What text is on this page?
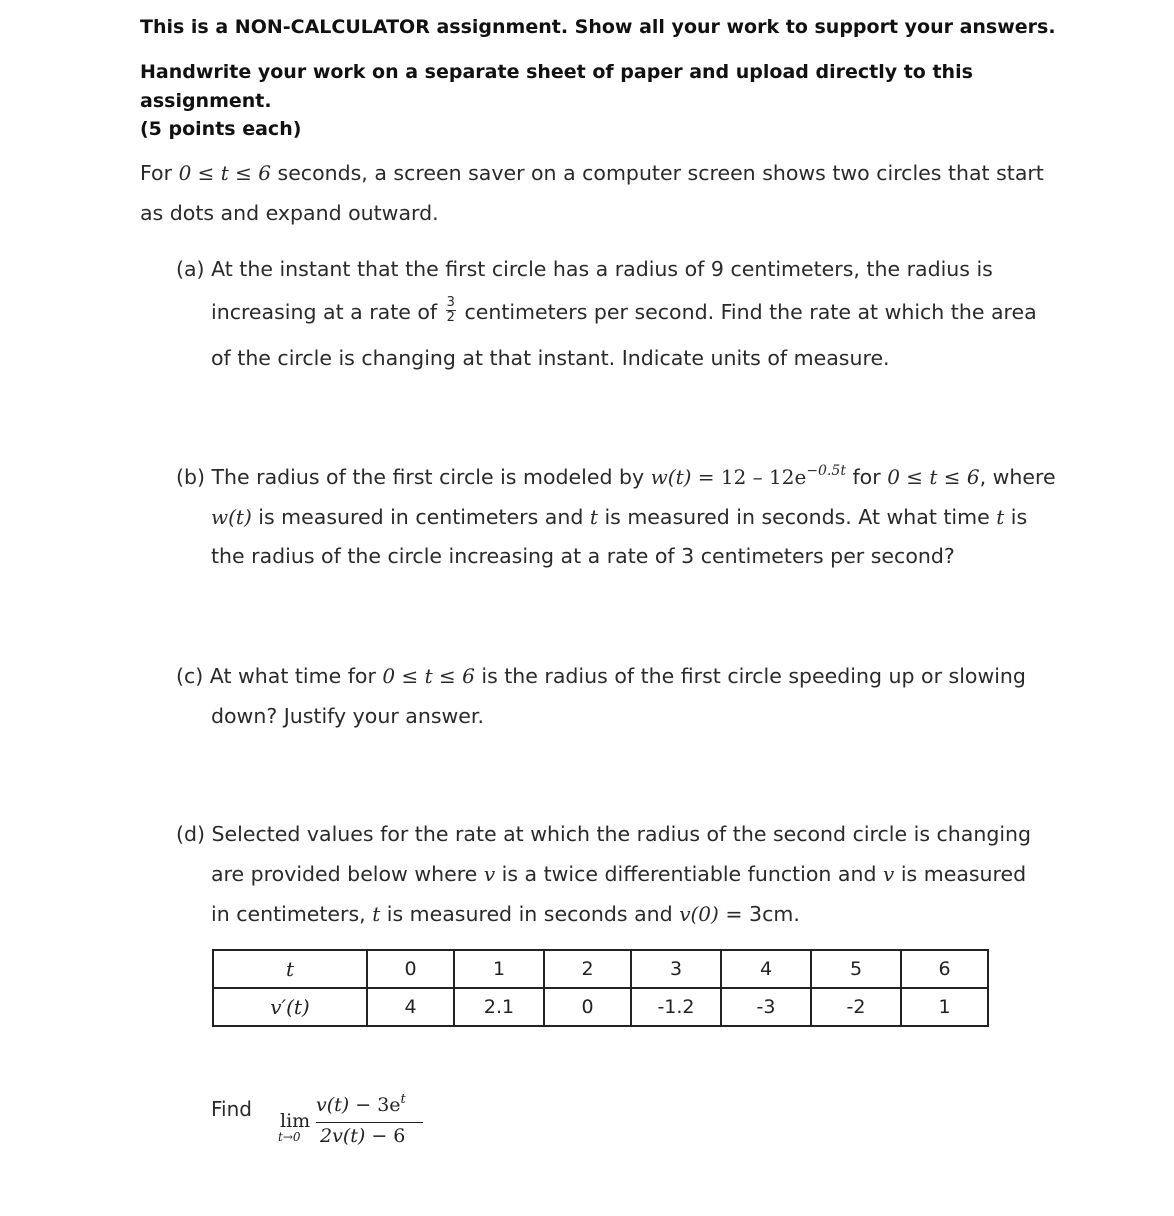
This is a NON-CALCULATOR assignment. Show all your work to support your answers.
Handwrite your work on a separate sheet of paper and upload directly to this
assignment.
(5 points each)
For 0 ≤ t ≤ 6 seconds, a screen saver on a computer screen shows two circles that start
as dots and expand outward.
(a) At the instant that the first circle has a radius of 9 centimeters, the radius is
increasing at a rate of $\frac{3}{2}$ centimeters per second. Find the rate at which the area
of the circle is changing at that instant. Indicate units of measure.
(b) The radius of the first circle is modeled by $w(t) = 12 - 12e^{-0.5t}$ for 0 ≤ t ≤ 6, where
w(t) is measured in centimeters and t is measured in seconds. At what time t is
the radius of the circle increasing at a rate of 3 centimeters per second?
(c) At what time for 0 ≤ t ≤ 6 is the radius of the first circle speeding up or slowing
down? Justify your answer.
(d) Selected values for the rate at which the radius of the second circle is changing
are provided below where v is a twice differentiable function and v is measured
in centimeters, t is measured in seconds and v(0) = 3cm.
t	0	1	2	3	4	5	6
v′(t)	4	2.1	0	-1.2	-3	-2	1
Find lim
t→0
$v(t) - 3e^t$
2v(t) − 6
